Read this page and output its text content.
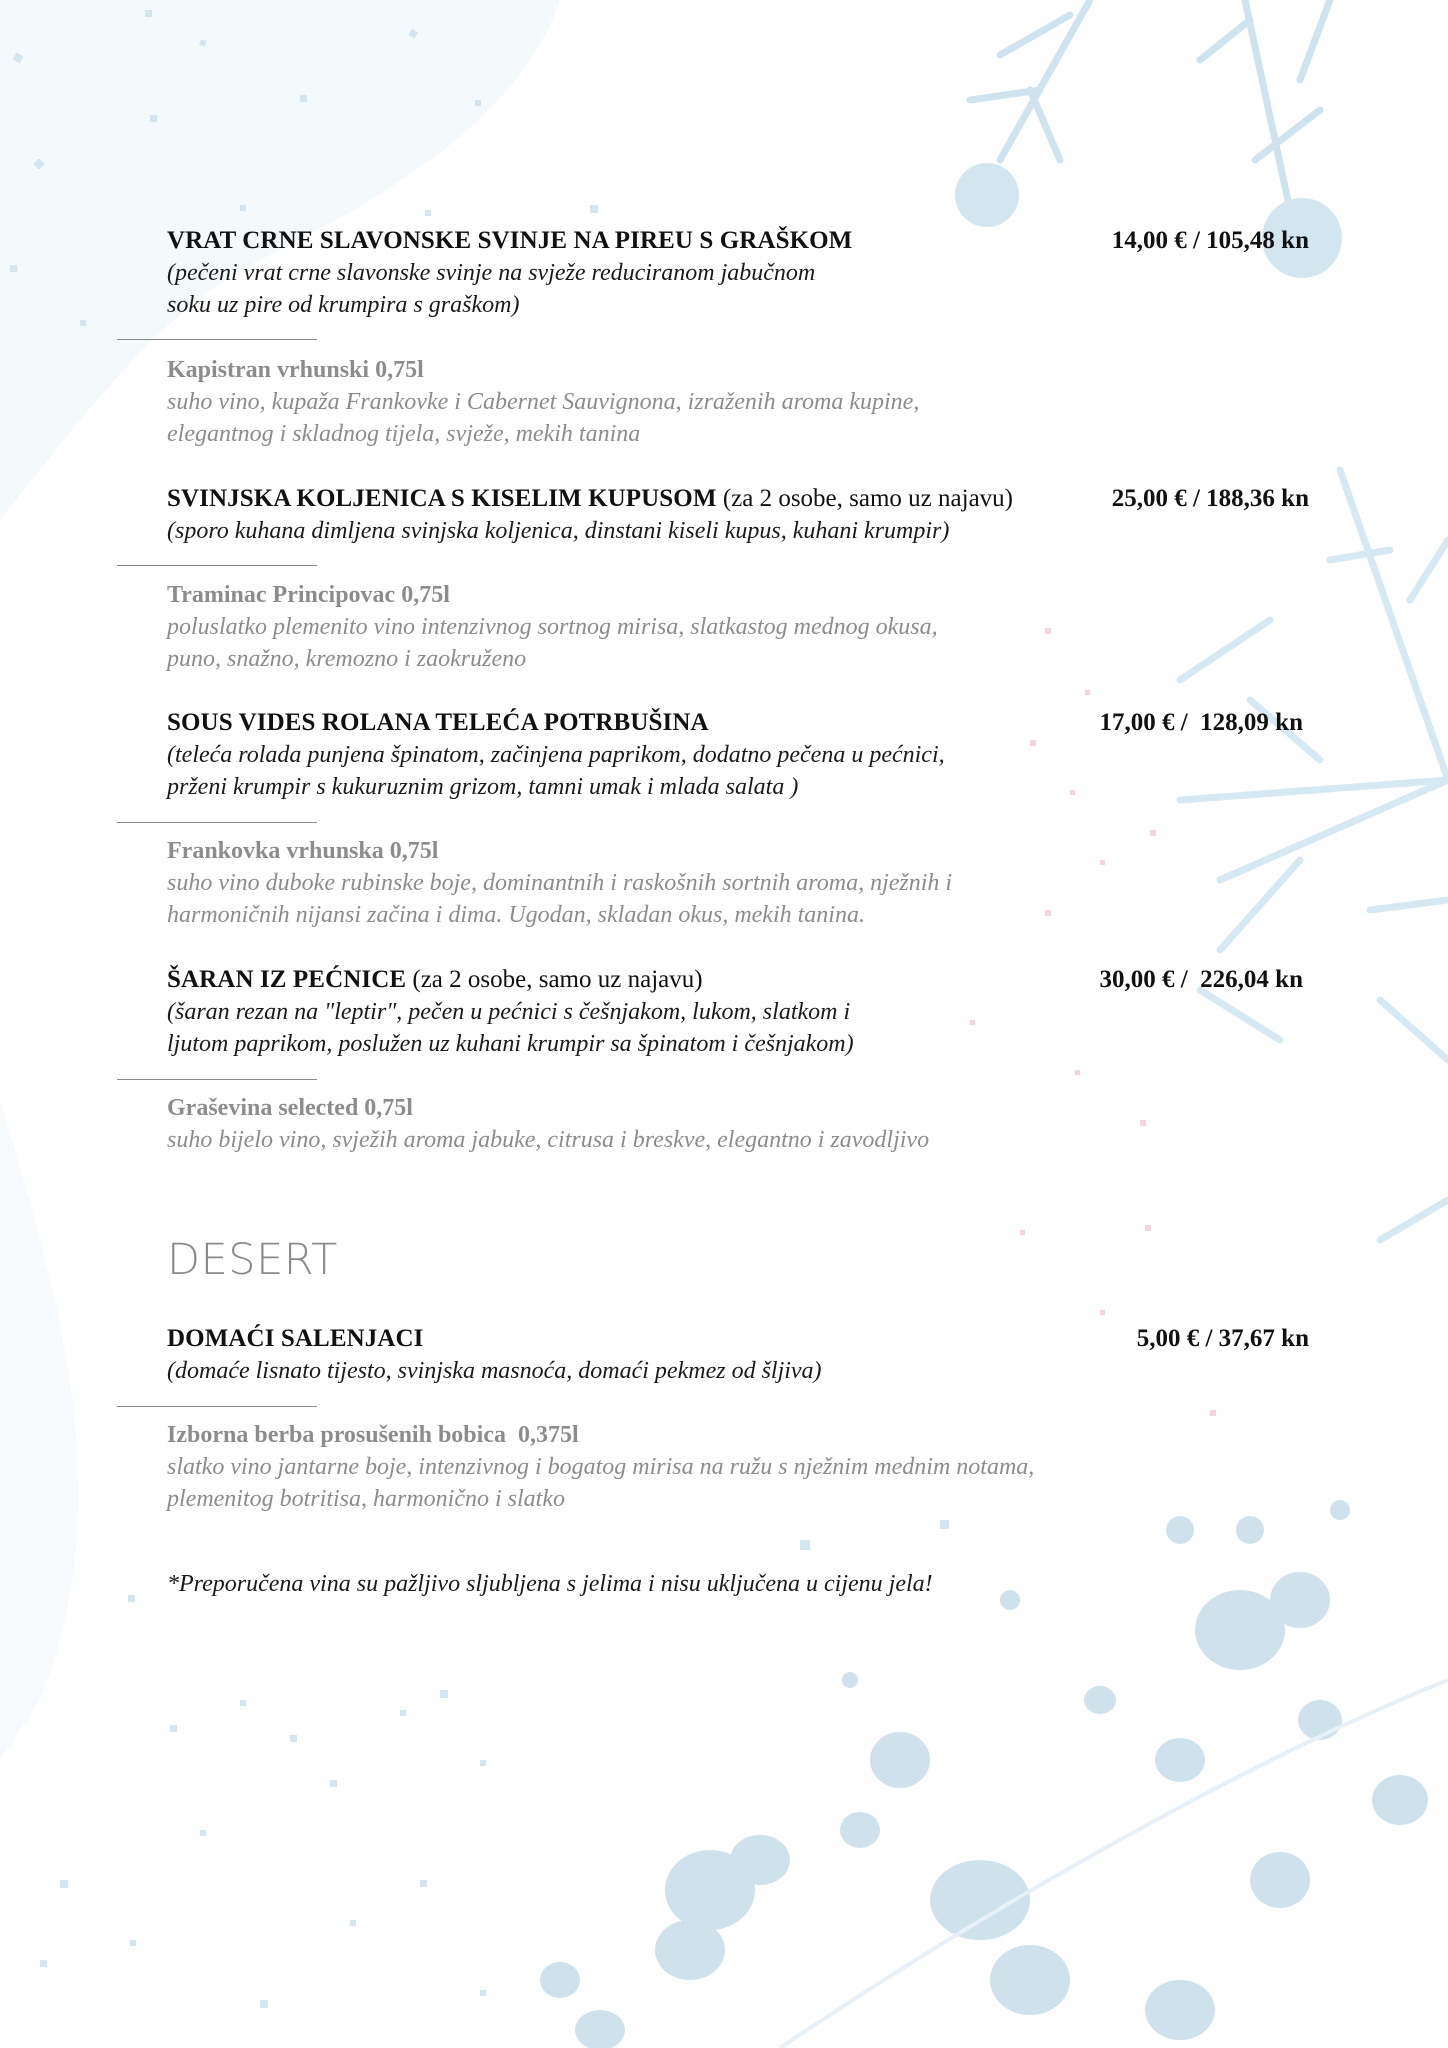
VRAT CRNE SLAVONSKE SVINJE NA PIREU S GRAŠKOM
(pečeni vrat crne slavonske svinje na svježe reduciranom jabučnom
soku uz pire od krumpira s graškom)
14,00 € / 105,48 kn
Kapistran vrhunski 0,75l
suho vino, kupaža Frankovke i Cabernet Sauvignona, izraženih aroma kupine,
elegantnog i skladnog tijela, svježe, mekih tanina
SVINJSKA KOLJENICA S KISELIM KUPUSOM (za 2 osobe, samo uz najavu)
(sporo kuhana dimljena svinjska koljenica, dinstani kiseli kupus, kuhani krumpir)
25,00 € / 188,36 kn
Traminac Principovac 0,75l
poluslatko plemenito vino intenzivnog sortnog mirisa, slatkastog mednog okusa,
puno, snažno, kremozno i zaokruženo
SOUS VIDES ROLANA TELEĆA POTRBUŠINA
(teleća rolada punjena špinatom, začinjena paprikom, dodatno pečena u pećnici,
prženi krumpir s kukuruznim grizom, tamni umak i mlada salata )
17,00 € /  128,09 kn
Frankovka vrhunska 0,75l
suho vino duboke rubinske boje, dominantnih i raskošnih sortnih aroma, nježnih i
harmoničnih nijansi začina i dima. Ugodan, skladan okus, mekih tanina.
ŠARAN IZ PEĆNICE (za 2 osobe, samo uz najavu)
(šaran rezan na "leptir", pečen u pećnici s češnjakom, lukom, slatkom i
ljutom paprikom, poslužen uz kuhani krumpir sa špinatom i češnjakom)
30,00 € /  226,04 kn
Graševina selected 0,75l
suho bijelo vino, svježih aroma jabuke, citrusa i breskve, elegantno i zavodljivo
DESERT
DOMAĆI SALENJACI
(domaće lisnato tijesto, svinjska masnoća, domaći pekmez od šljiva)
5,00 € / 37,67 kn
Izborna berba prosušenih bobica  0,375l
slatko vino jantarne boje, intenzivnog i bogatog mirisa na ružu s nježnim mednim notama,
plemenitog botritisa, harmonično i slatko
*Preporučena vina su pažljivo sljubljena s jelima i nisu uključena u cijenu jela!
